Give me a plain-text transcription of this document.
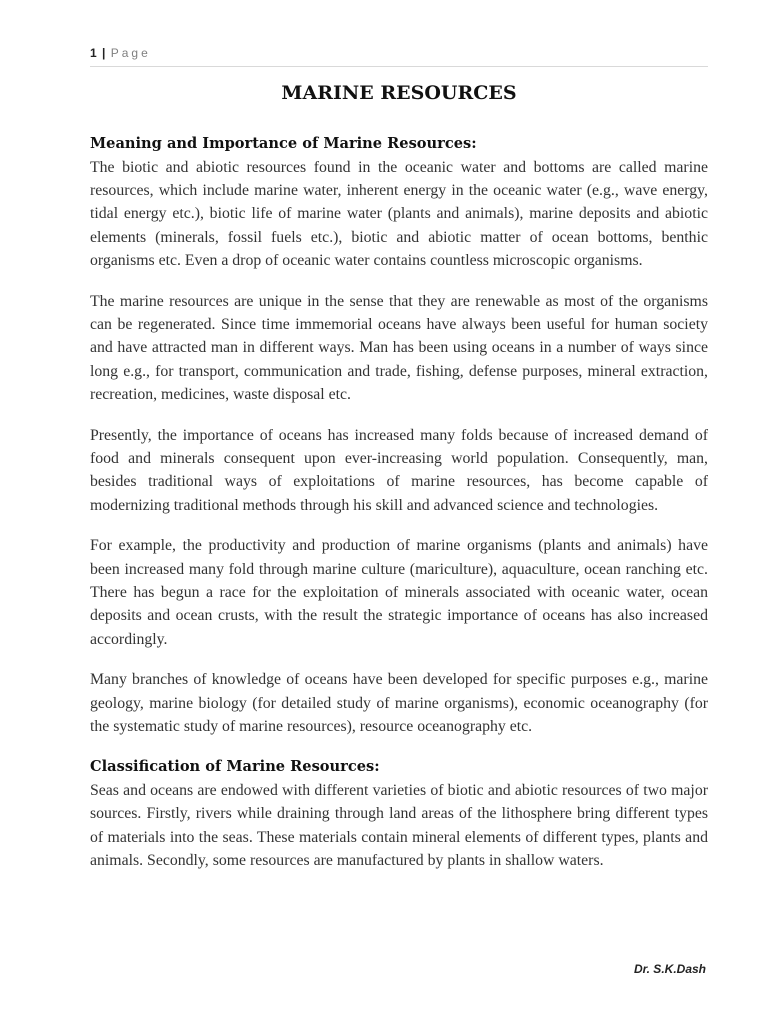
1 | Page
MARINE RESOURCES
Meaning and Importance of Marine Resources:

The biotic and abiotic resources found in the oceanic water and bottoms are called marine resources, which include marine water, inherent energy in the oceanic water (e.g., wave energy, tidal energy etc.), biotic life of marine water (plants and animals), marine deposits and abiotic elements (minerals, fossil fuels etc.), biotic and abiotic matter of ocean bottoms, benthic organisms etc. Even a drop of oceanic water contains countless microscopic organisms.

The marine resources are unique in the sense that they are renewable as most of the organisms can be regenerated. Since time immemorial oceans have always been useful for human society and have attracted man in different ways. Man has been using oceans in a number of ways since long e.g., for transport, communication and trade, fishing, defense purposes, mineral extraction, recreation, medicines, waste disposal etc.

Presently, the importance of oceans has increased many folds because of increased demand of food and minerals consequent upon ever-increasing world population. Consequently, man, besides traditional ways of exploitations of marine resources, has become capable of modernizing traditional methods through his skill and advanced science and technologies.

For example, the productivity and production of marine organisms (plants and animals) have been increased many fold through marine culture (mariculture), aquaculture, ocean ranching etc. There has begun a race for the exploitation of minerals associated with oceanic water, ocean deposits and ocean crusts, with the result the strategic importance of oceans has also increased accordingly.

Many branches of knowledge of oceans have been developed for specific purposes e.g., marine geology, marine biology (for detailed study of marine organisms), economic oceanography (for the systematic study of marine resources), resource oceanography etc.

Classification of Marine Resources:

Seas and oceans are endowed with different varieties of biotic and abiotic resources of two major sources. Firstly, rivers while draining through land areas of the lithosphere bring different types of materials into the seas. These materials contain mineral elements of different types, plants and animals. Secondly, some resources are manufactured by plants in shallow waters.

Dr. S.K.Dash
